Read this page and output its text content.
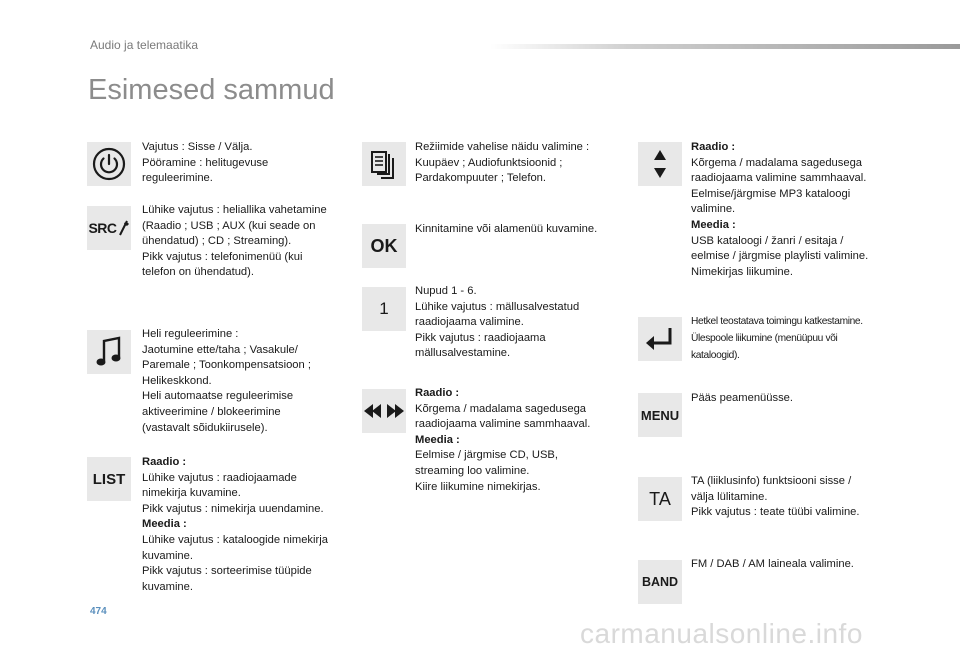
Audio ja telemaatika
Esimesed sammud
Vajutus : Sisse / Välja.
Pööramine : helitugevuse
reguleerimine.
SRC
Lühike vajutus : heliallika vahetamine
(Raadio ; USB ; AUX (kui seade on
ühendatud) ; CD ; Streaming).
Pikk vajutus : telefonimenüü (kui
telefon on ühendatud).
Heli reguleerimine :
Jaotumine ette/taha ; Vasakule/
Paremale ; Toonkompensatsioon ;
Helikeskkond.
Heli automaatse reguleerimise
aktiveerimine / blokeerimine
(vastavalt sõidukiirusele).
LIST
Raadio :
Lühike vajutus : raadiojaamade
nimekirja kuvamine.
Pikk vajutus : nimekirja uuendamine.
Meedia :
Lühike vajutus : kataloogide nimekirja
kuvamine.
Pikk vajutus : sorteerimise tüüpide
kuvamine.
Režiimide vahelise näidu valimine :
Kuupäev ; Audiofunktsioonid ;
Pardakompuuter ; Telefon.
OK
Kinnitamine või alamenüü kuvamine.
1
Nupud 1 - 6.
Lühike vajutus : mällusalvestatud
raadiojaama valimine.
Pikk vajutus : raadiojaama
mällusalvestamine.
Raadio :
Kõrgema / madalama sagedusega
raadiojaama valimine sammhaaval.
Meedia :
Eelmise / järgmise CD, USB,
streaming loo valimine.
Kiire liikumine nimekirjas.
Raadio :
Kõrgema / madalama sagedusega
raadiojaama valimine sammhaaval.
Eelmise/järgmise MP3 kataloogi
valimine.
Meedia :
USB kataloogi / žanri / esitaja /
eelmise / järgmise playlisti valimine.
Nimekirjas liikumine.
Hetkel teostatava toimingu katkestamine.
Ülespoole liikumine (menüüpuu või
kataloogid).
MENU
Pääs peamenüüsse.
TA
TA (liiklusinfo) funktsiooni sisse /
välja lülitamine.
Pikk vajutus : teate tüübi valimine.
BAND
FM / DAB / AM laineala valimine.
474
carmanualsonline.info
